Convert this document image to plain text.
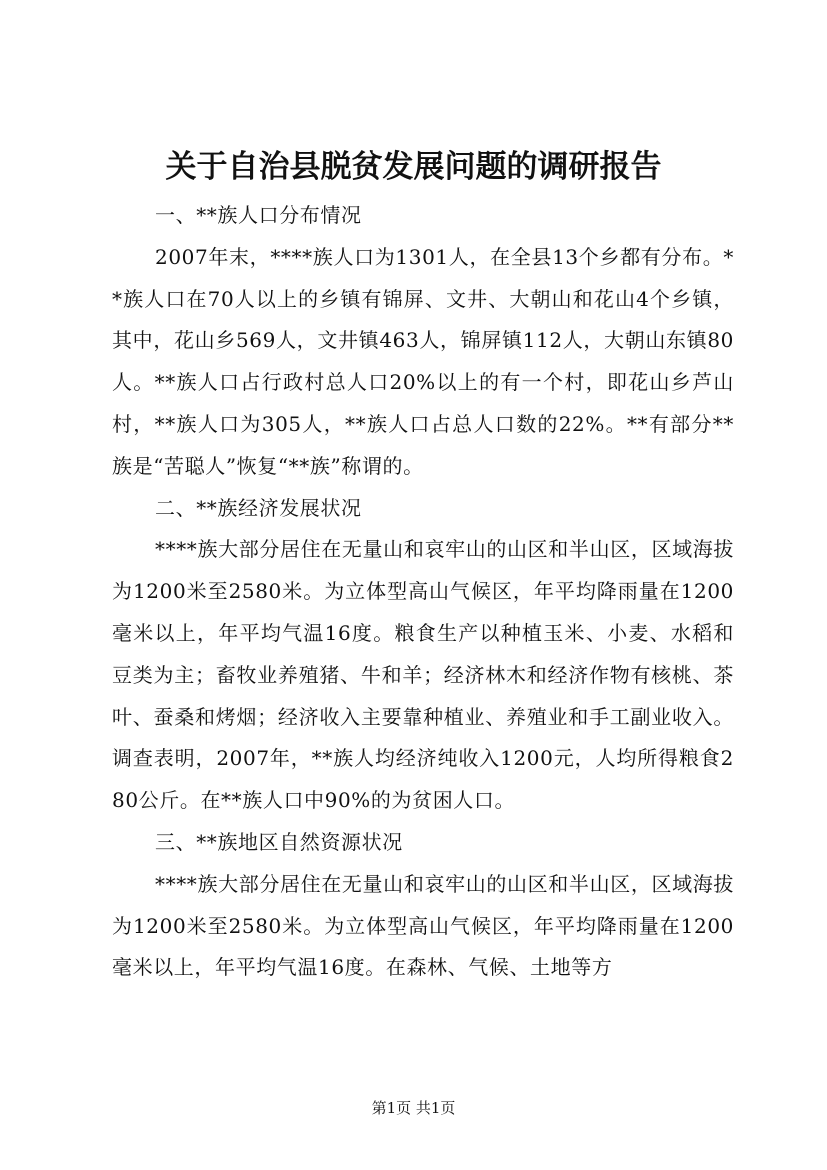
关于自治县脱贫发展问题的调研报告

一、**族人口分布情况

2007年末，****族人口为1301人，在全县13个乡都有分布。**族人口在70人以上的乡镇有锦屏、文井、大朝山和花山4个乡镇，其中，花山乡569人，文井镇463人，锦屏镇112人，大朝山东镇80人。**族人口占行政村总人口20%以上的有一个村，即花山乡芦山村，**族人口为305人，**族人口占总人口数的22%。**有部分**族是“苦聪人”恢复“**族”称谓的。

二、**族经济发展状况

****族大部分居住在无量山和哀牢山的山区和半山区，区域海拔为1200米至2580米。为立体型高山气候区，年平均降雨量在1200毫米以上，年平均气温16度。粮食生产以种植玉米、小麦、水稻和豆类为主；畜牧业养殖猪、牛和羊；经济林木和经济作物有核桃、茶叶、蚕桑和烤烟；经济收入主要靠种植业、养殖业和手工副业收入。调查表明，2007年，**族人均经济纯收入1200元，人均所得粮食280公斤。在**族人口中90%的为贫困人口。

三、**族地区自然资源状况

****族大部分居住在无量山和哀牢山的山区和半山区，区域海拔为1200米至2580米。为立体型高山气候区，年平均降雨量在1200毫米以上，年平均气温16度。在森林、气候、土地等方

第1页 共1页
